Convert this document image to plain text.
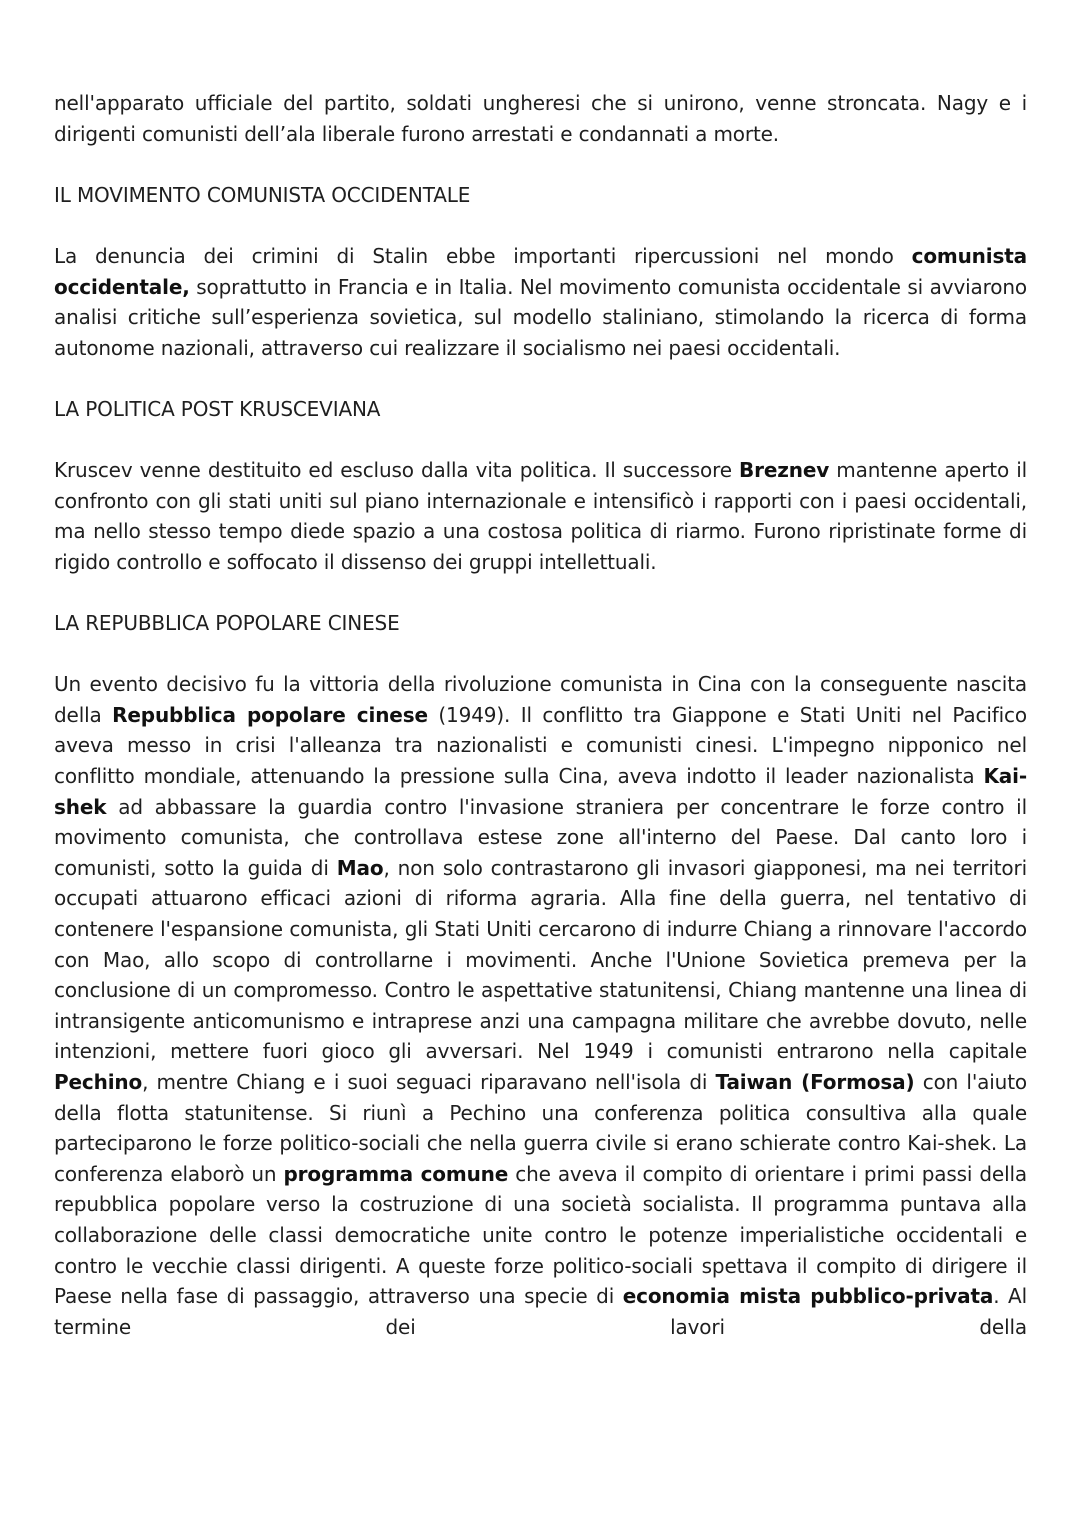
nell'apparato ufficiale del partito, soldati ungheresi che si unirono, venne stroncata. Nagy e i dirigenti comunisti dell’ala liberale furono arrestati e condannati a morte.

IL MOVIMENTO COMUNISTA OCCIDENTALE

La denuncia dei crimini di Stalin ebbe importanti ripercussioni nel mondo comunista occidentale, soprattutto in Francia e in Italia. Nel movimento comunista occidentale si avviarono analisi critiche sull’esperienza sovietica, sul modello staliniano, stimolando la ricerca di forma autonome nazionali, attraverso cui realizzare il socialismo nei paesi occidentali.

LA POLITICA POST KRUSCEVIANA

Kruscev venne destituito ed escluso dalla vita politica. Il successore Breznev mantenne aperto il confronto con gli stati uniti sul piano internazionale e intensificò i rapporti con i paesi occidentali, ma nello stesso tempo diede spazio a una costosa politica di riarmo. Furono ripristinate forme di rigido controllo e soffocato il dissenso dei gruppi intellettuali.

LA REPUBBLICA POPOLARE CINESE

Un evento decisivo fu la vittoria della rivoluzione comunista in Cina con la conseguente nascita della Repubblica popolare cinese (1949). Il conflitto tra Giappone e Stati Uniti nel Pacifico aveva messo in crisi l'alleanza tra nazionalisti e comunisti cinesi. L'impegno nipponico nel conflitto mondiale, attenuando la pressione sulla Cina, aveva indotto il leader nazionalista Kai-shek ad abbassare la guardia contro l'invasione straniera per concentrare le forze contro il movimento comunista, che controllava estese zone all'interno del Paese. Dal canto loro i comunisti, sotto la guida di Mao, non solo contrastarono gli invasori giapponesi, ma nei territori occupati attuarono efficaci azioni di riforma agraria. Alla fine della guerra, nel tentativo di contenere l'espansione comunista, gli Stati Uniti cercarono di indurre Chiang a rinnovare l'accordo con Mao, allo scopo di controllarne i movimenti. Anche l'Unione Sovietica premeva per la conclusione di un compromesso. Contro le aspettative statunitensi, Chiang mantenne una linea di intransigente anticomunismo e intraprese anzi una campagna militare che avrebbe dovuto, nelle intenzioni, mettere fuori gioco gli avversari. Nel 1949 i comunisti entrarono nella capitale Pechino, mentre Chiang e i suoi seguaci riparavano nell'isola di Taiwan (Formosa) con l'aiuto della flotta statunitense. Si riunì a Pechino una conferenza politica consultiva alla quale parteciparono le forze politico-sociali che nella guerra civile si erano schierate contro Kai-shek. La conferenza elaborò un programma comune che aveva il compito di orientare i primi passi della repubblica popolare verso la costruzione di una società socialista. Il programma puntava alla collaborazione delle classi democratiche unite contro le potenze imperialistiche occidentali e contro le vecchie classi dirigenti. A queste forze politico-sociali spettava il compito di dirigere il Paese nella fase di passaggio, attraverso una specie di economia mista pubblico-privata. Al termine dei lavori della
